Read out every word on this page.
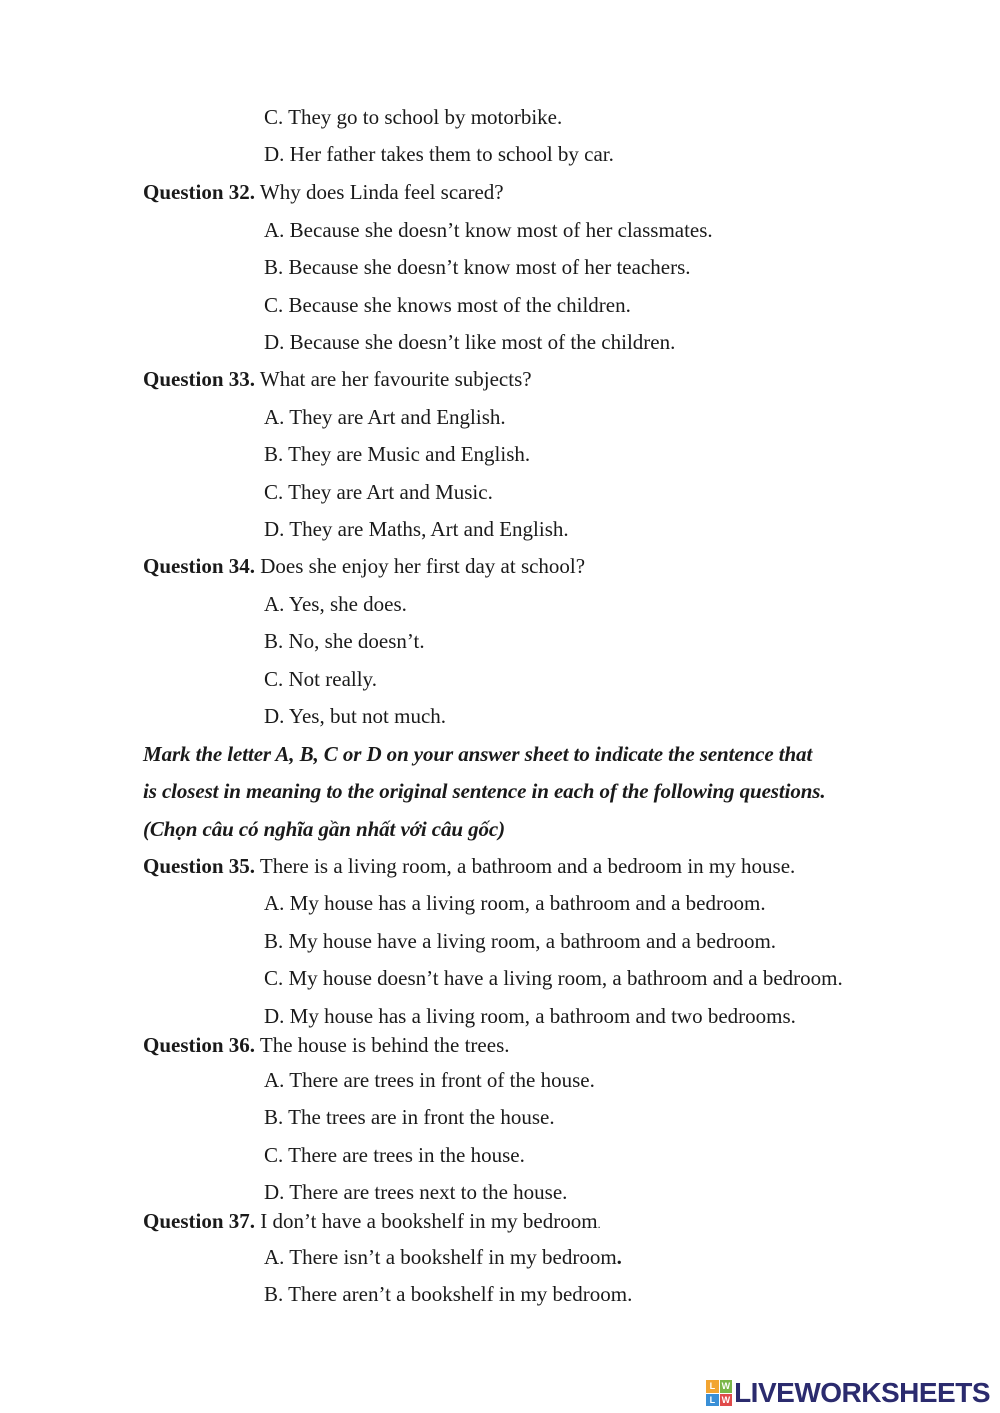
C. They go to school by motorbike.
D. Her father takes them to school by car.
Question 32. Why does Linda feel scared?
A. Because she doesn’t know most of her classmates.
B. Because she doesn’t know most of her teachers.
C. Because she knows most of the children.
D. Because she doesn’t like most of the children.
Question 33. What are her favourite subjects?
A. They are Art and English.
B. They are Music and English.
C. They are Art and Music.
D. They are Maths, Art and English.
Question 34. Does she enjoy her first day at school?
A. Yes, she does.
B. No, she doesn’t.
C. Not really.
D. Yes, but not much.
Mark the letter A, B, C or D on your answer sheet to indicate the sentence that
is closest in meaning to the original sentence in each of the following questions.
(Chọn câu có nghĩa gần nhất với câu gốc)
Question 35. There is a living room, a bathroom and a bedroom in my house.
A. My house has a living room, a bathroom and a bedroom.
B. My house have a living room, a bathroom and a bedroom.
C. My house doesn’t have a living room, a bathroom and a bedroom.
D. My house has a living room, a bathroom and two bedrooms.
Question 36. The house is behind the trees.
A. There are trees in front of the house.
B. The trees are in front the house.
C. There are trees in the house.
D. There are trees next to the house.
Question 37. I don’t have a bookshelf in my bedroom.
A. There isn’t a bookshelf in my bedroom.
B. There aren’t a bookshelf in my bedroom.
L W
L W LIVEWORKSHEETS
